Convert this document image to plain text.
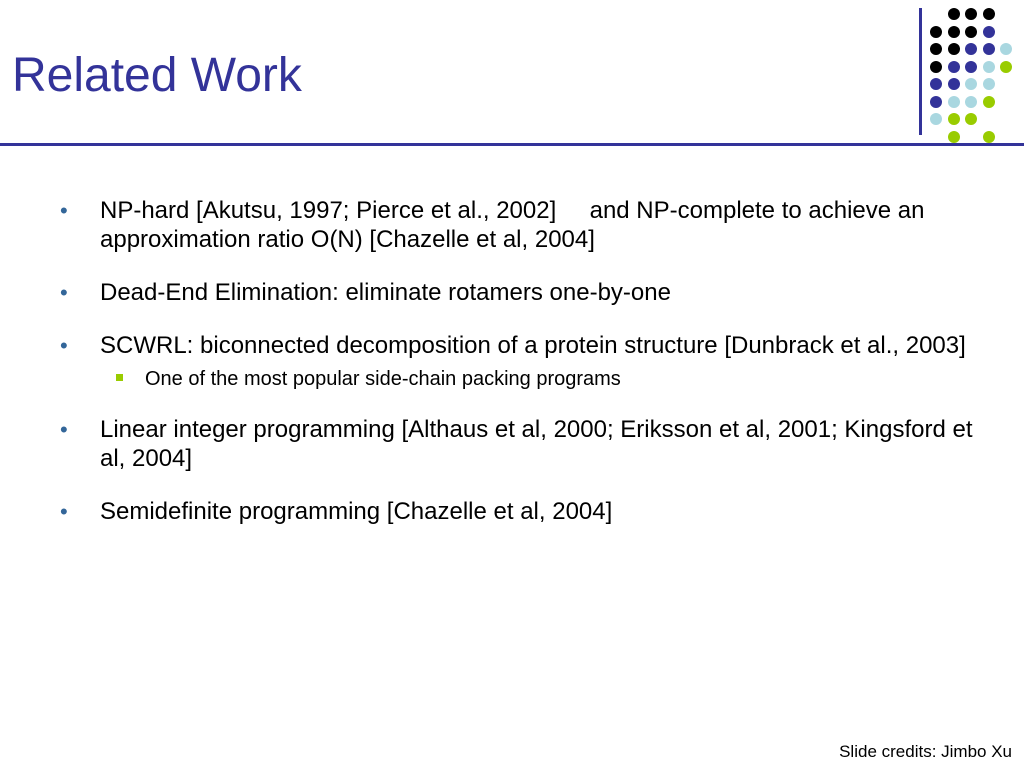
Related Work
• NP-hard [Akutsu, 1997; Pierce et al., 2002]     and NP-complete to achieve an approximation ratio O(N) [Chazelle et al, 2004]
• Dead-End Elimination: eliminate rotamers one-by-one
• SCWRL: biconnected decomposition of a protein structure [Dunbrack et al., 2003]
One of the most popular side-chain packing programs
• Linear integer programming [Althaus et al, 2000; Eriksson et al, 2001; Kingsford et al, 2004]
• Semidefinite programming [Chazelle et al, 2004]
Slide credits: Jimbo Xu
